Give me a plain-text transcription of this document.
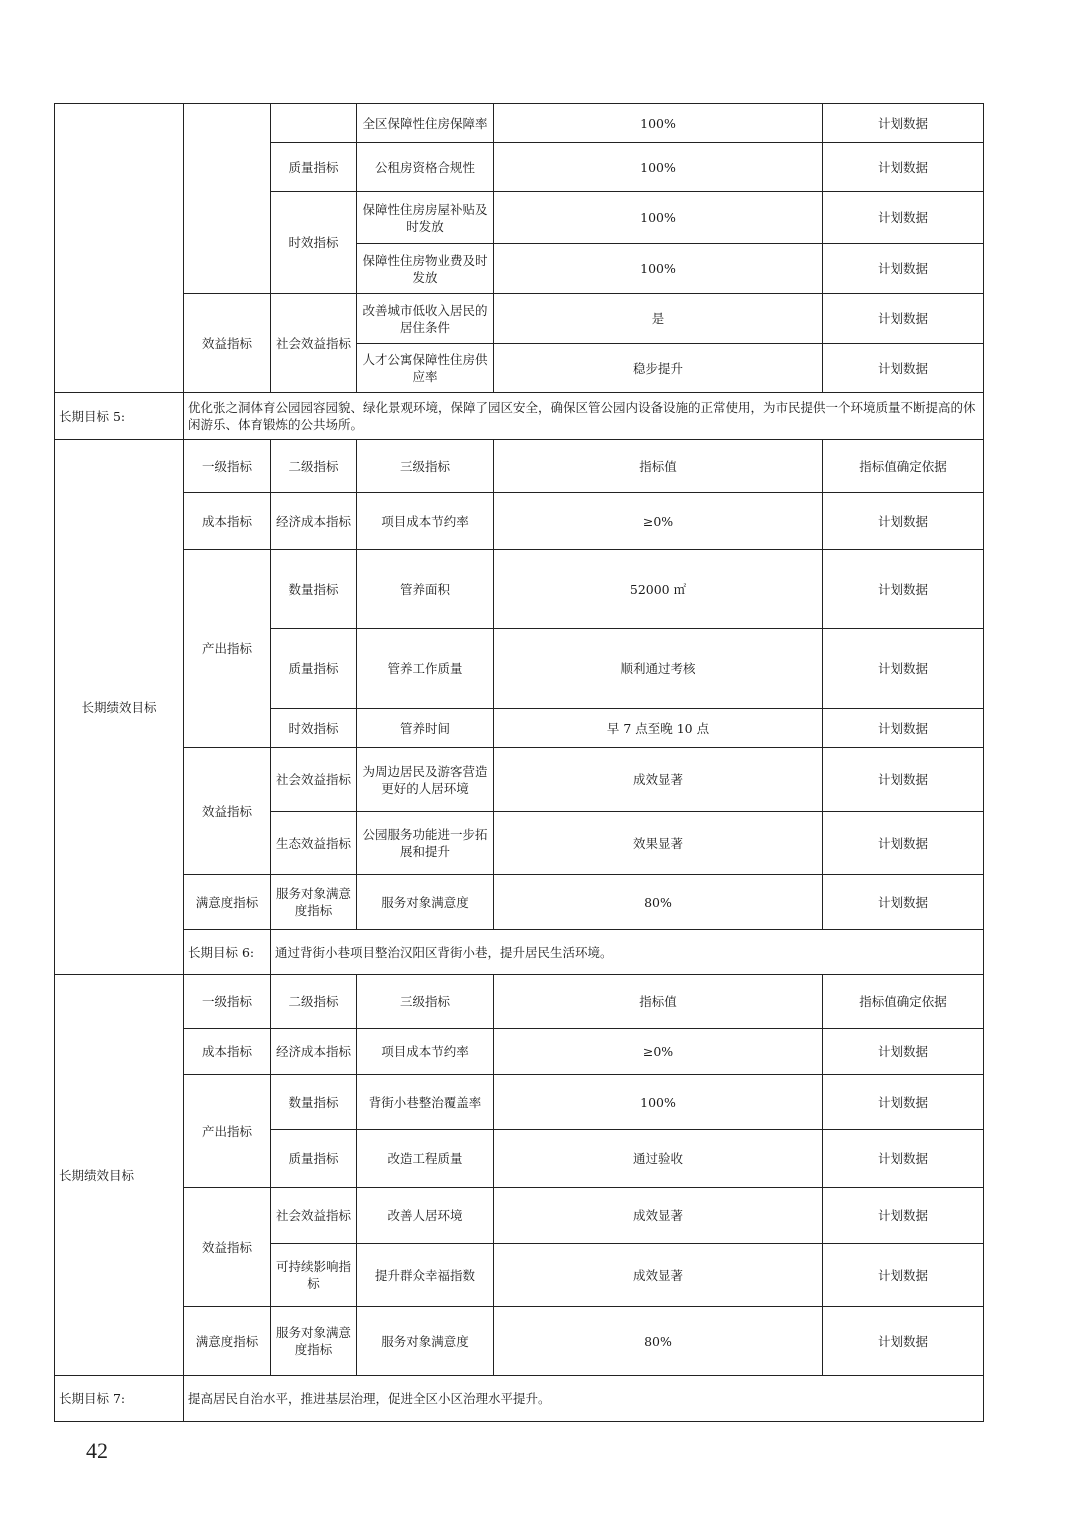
			全区保障性住房保障率	100%	计划数据
		质量指标	公租房资格合规性	100%	计划数据
		时效指标	保障性住房房屋补贴及时发放	100%	计划数据
			保障性住房物业费及时发放	100%	计划数据
	效益指标	社会效益指标	改善城市低收入居民的居住条件	是	计划数据
			人才公寓保障性住房供应率	稳步提升	计划数据
长期目标 5:	优化张之洞体育公园园容园貌、绿化景观环境，保障了园区安全，确保区管公园内设备设施的正常使用，为市民提供一个环境质量不断提高的休闲游乐、体育锻炼的公共场所。				
长期绩效目标	一级指标	二级指标	三级指标	指标值	指标值确定依据
	成本指标	经济成本指标	项目成本节约率	≥0%	计划数据
	产出指标	数量指标	管养面积	52000 ㎡	计划数据
		质量指标	管养工作质量	顺利通过考核	计划数据
		时效指标	管养时间	早 7 点至晚 10 点	计划数据
	效益指标	社会效益指标	为周边居民及游客营造更好的人居环境	成效显著	计划数据
		生态效益指标	公园服务功能进一步拓展和提升	效果显著	计划数据
	满意度指标	服务对象满意度指标	服务对象满意度	80%	计划数据
	长期目标 6:	通过背街小巷项目整治汉阳区背街小巷，提升居民生活环境。			
长期绩效目标	一级指标	二级指标	三级指标	指标值	指标值确定依据
	成本指标	经济成本指标	项目成本节约率	≥0%	计划数据
	产出指标	数量指标	背街小巷整治覆盖率	100%	计划数据
		质量指标	改造工程质量	通过验收	计划数据
	效益指标	社会效益指标	改善人居环境	成效显著	计划数据
		可持续影响指标	提升群众幸福指数	成效显著	计划数据
	满意度指标	服务对象满意度指标	服务对象满意度	80%	计划数据
长期目标 7:	提高居民自治水平，推进基层治理，促进全区小区治理水平提升。				
42
